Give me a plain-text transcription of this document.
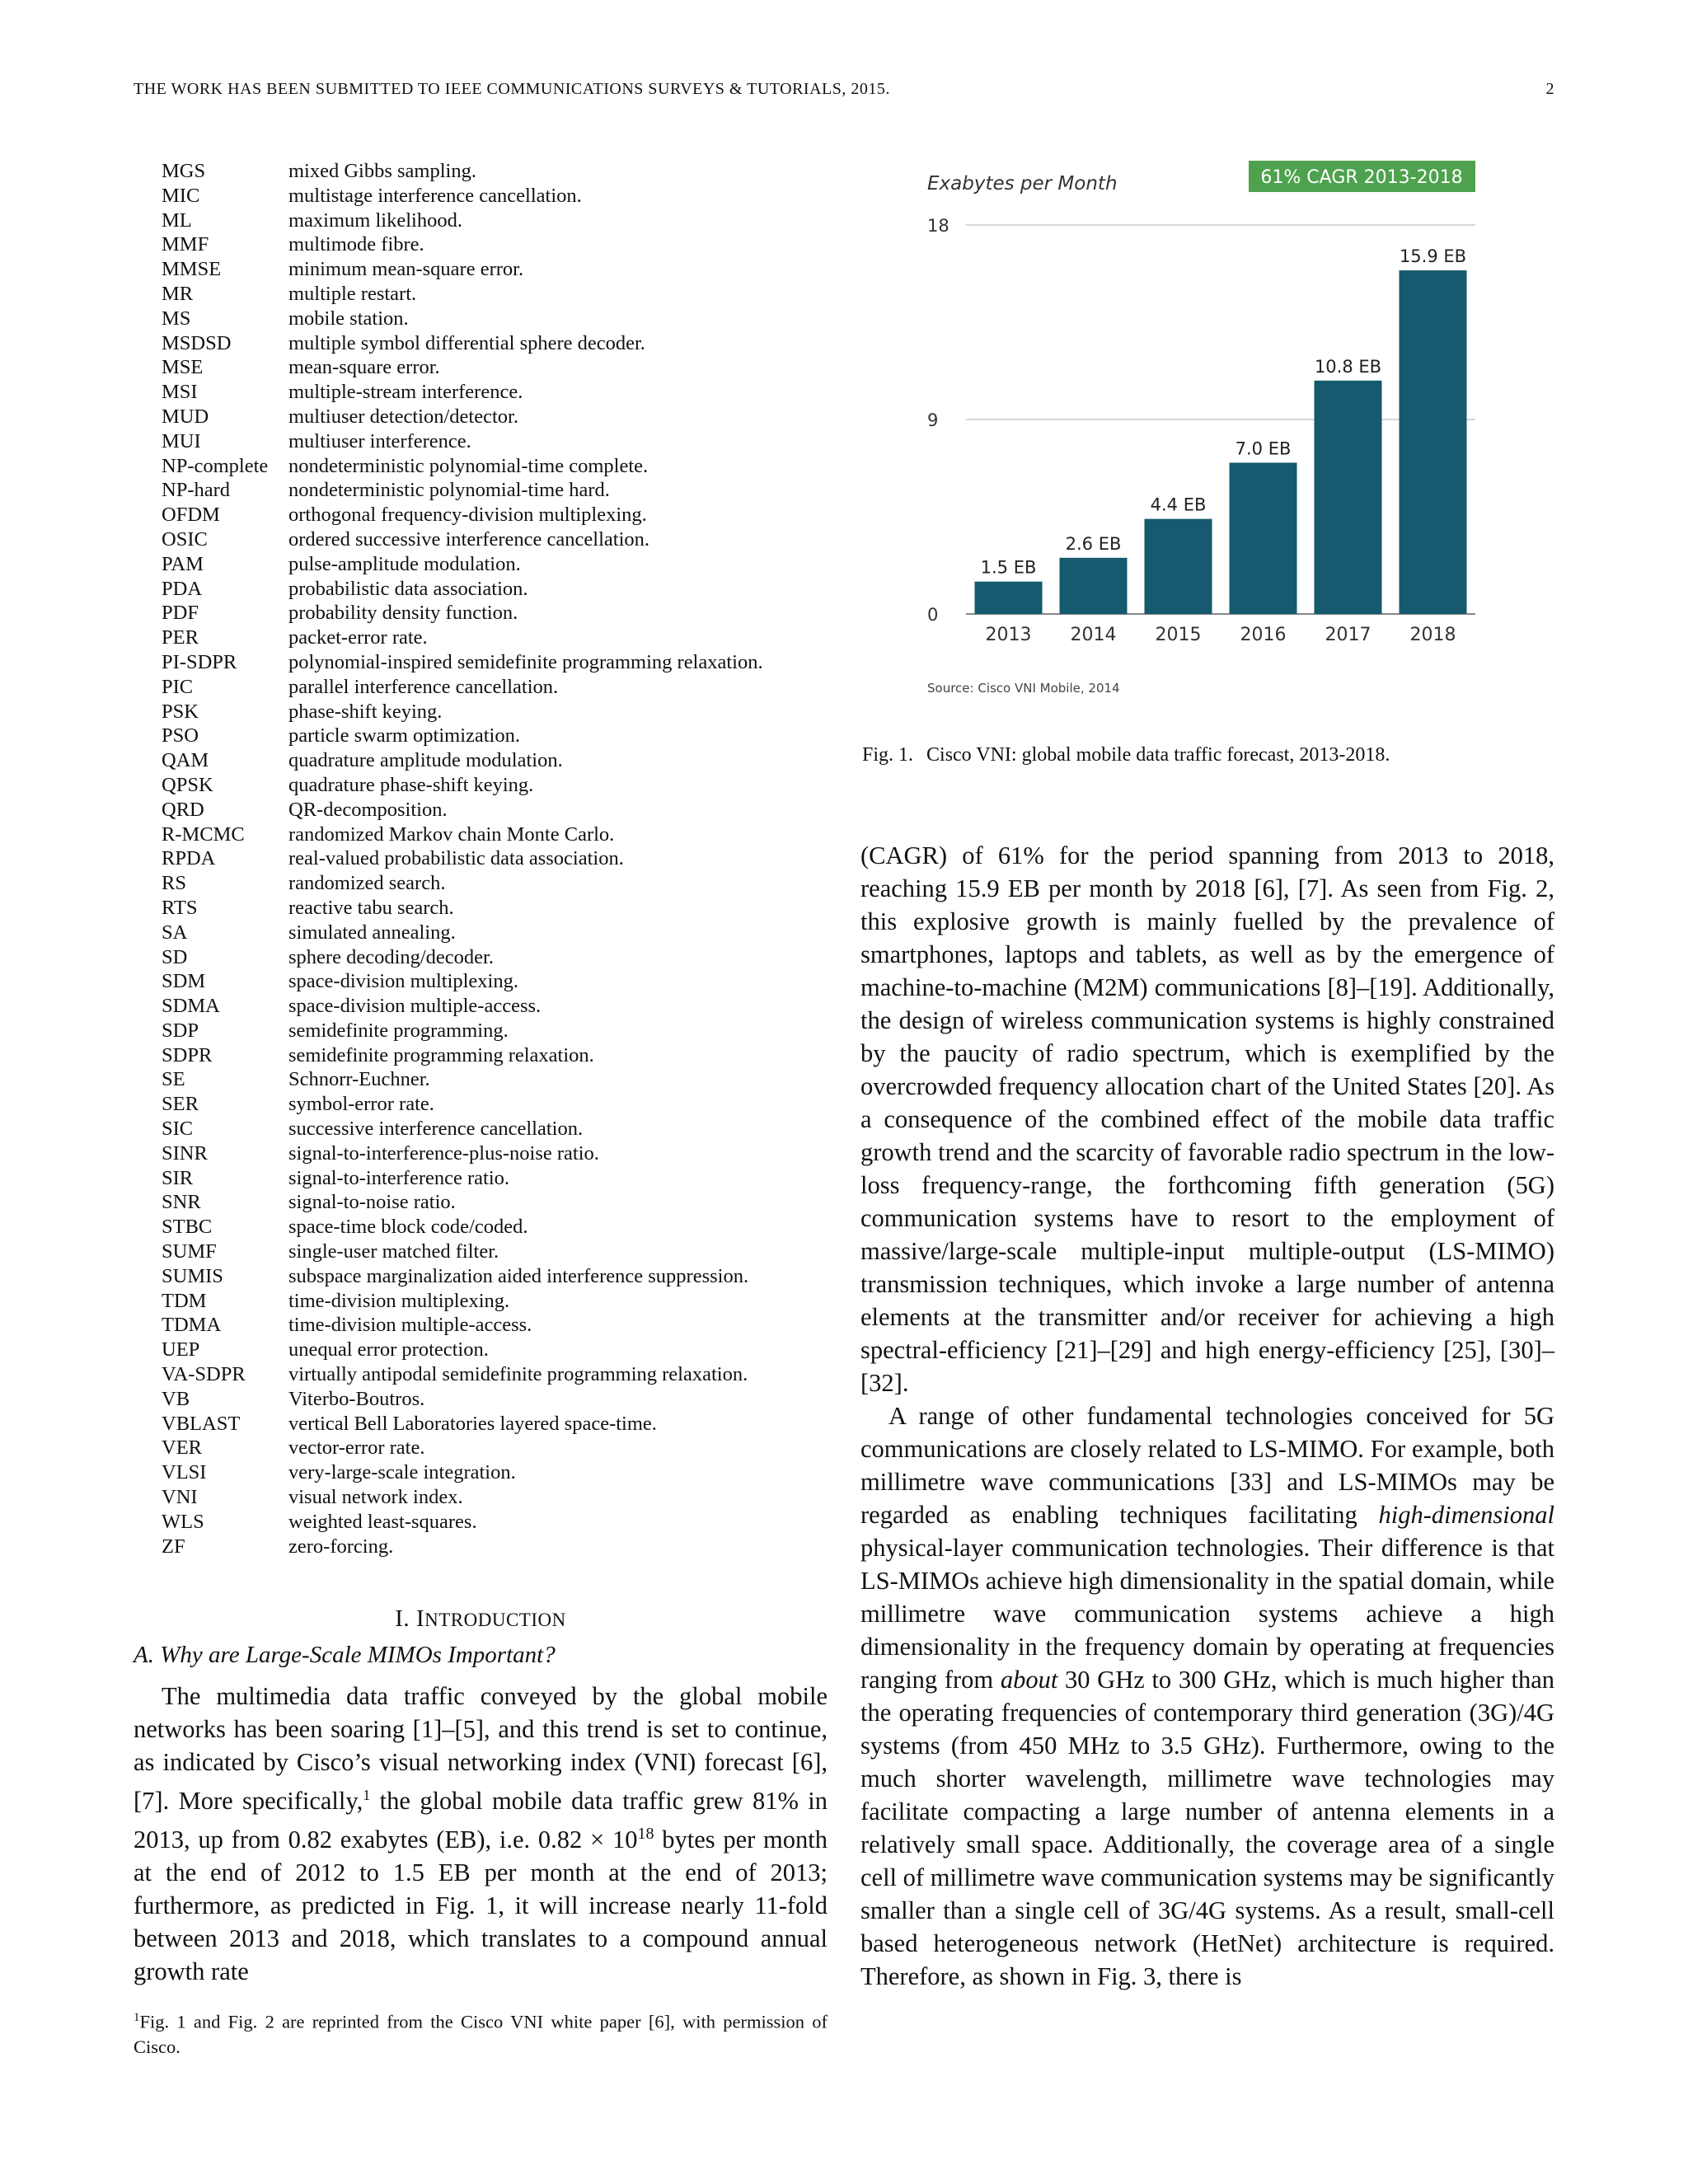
THE WORK HAS BEEN SUBMITTED TO IEEE COMMUNICATIONS SURVEYS & TUTORIALS, 2015.	2
MGS	mixed Gibbs sampling.
MIC	multistage interference cancellation.
ML	maximum likelihood.
MMF	multimode fibre.
MMSE	minimum mean-square error.
MR	multiple restart.
MS	mobile station.
MSDSD	multiple symbol differential sphere decoder.
MSE	mean-square error.
MSI	multiple-stream interference.
MUD	multiuser detection/detector.
MUI	multiuser interference.
NP-complete	nondeterministic polynomial-time complete.
NP-hard	nondeterministic polynomial-time hard.
OFDM	orthogonal frequency-division multiplexing.
OSIC	ordered successive interference cancellation.
PAM	pulse-amplitude modulation.
PDA	probabilistic data association.
PDF	probability density function.
PER	packet-error rate.
PI-SDPR	polynomial-inspired semidefinite programming relaxation.
PIC	parallel interference cancellation.
PSK	phase-shift keying.
PSO	particle swarm optimization.
QAM	quadrature amplitude modulation.
QPSK	quadrature phase-shift keying.
QRD	QR-decomposition.
R-MCMC	randomized Markov chain Monte Carlo.
RPDA	real-valued probabilistic data association.
RS	randomized search.
RTS	reactive tabu search.
SA	simulated annealing.
SD	sphere decoding/decoder.
SDM	space-division multiplexing.
SDMA	space-division multiple-access.
SDP	semidefinite programming.
SDPR	semidefinite programming relaxation.
SE	Schnorr-Euchner.
SER	symbol-error rate.
SIC	successive interference cancellation.
SINR	signal-to-interference-plus-noise ratio.
SIR	signal-to-interference ratio.
SNR	signal-to-noise ratio.
STBC	space-time block code/coded.
SUMF	single-user matched filter.
SUMIS	subspace marginalization aided interference suppression.
TDM	time-division multiplexing.
TDMA	time-division multiple-access.
UEP	unequal error protection.
VA-SDPR	virtually antipodal semidefinite programming relaxation.
VB	Viterbo-Boutros.
VBLAST	vertical Bell Laboratories layered space-time.
VER	vector-error rate.
VLSI	very-large-scale integration.
VNI	visual network index.
WLS	weighted least-squares.
ZF	zero-forcing.
I. INTRODUCTION
A. Why are Large-Scale MIMOs Important?

The multimedia data traffic conveyed by the global mobile networks has been soaring [1]–[5], and this trend is set to continue, as indicated by Cisco’s visual networking index (VNI) forecast [6], [7]. More specifically,$^1$ the global mobile data traffic grew 81% in 2013, up from 0.82 exabytes (EB), i.e. $0.82 \times 10^{18}$ bytes per month at the end of 2012 to 1.5 EB per month at the end of 2013; furthermore, as predicted in Fig. 1, it will increase nearly 11-fold between 2013 and 2018, which translates to a compound annual growth rate

$^1$Fig. 1 and Fig. 2 are reprinted from the Cisco VNI white paper [6], with permission of Cisco.
Exabytes per Month	61% CAGR 2013-2018
0
9
18
1.5 EB
2013
2.6 EB
2014
4.4 EB
2015
7.0 EB
2016
10.8 EB
2017
15.9 EB
2018
Source: Cisco VNI Mobile, 2014
Fig. 1. Cisco VNI: global mobile data traffic forecast, 2013-2018.

(CAGR) of 61% for the period spanning from 2013 to 2018, reaching 15.9 EB per month by 2018 [6], [7]. As seen from Fig. 2, this explosive growth is mainly fuelled by the prevalence of smartphones, laptops and tablets, as well as by the emergence of machine-to-machine (M2M) communications [8]–[19]. Additionally, the design of wireless communication systems is highly constrained by the paucity of radio spectrum, which is exemplified by the overcrowded frequency allocation chart of the United States [20]. As a consequence of the combined effect of the mobile data traffic growth trend and the scarcity of favorable radio spectrum in the low-loss frequency-range, the forthcoming fifth generation (5G) communication systems have to resort to the employment of massive/large-scale multiple-input multiple-output (LS-MIMO) transmission techniques, which invoke a large number of antenna elements at the transmitter and/or receiver for achieving a high spectral-efficiency [21]–[29] and high energy-efficiency [25], [30]–[32].

A range of other fundamental technologies conceived for 5G communications are closely related to LS-MIMO. For example, both millimetre wave communications [33] and LS-MIMOs may be regarded as enabling techniques facilitating high-dimensional physical-layer communication technologies. Their difference is that LS-MIMOs achieve high dimensionality in the spatial domain, while millimetre wave communication systems achieve a high dimensionality in the frequency domain by operating at frequencies ranging from about 30 GHz to 300 GHz, which is much higher than the operating frequencies of contemporary third generation (3G)/4G systems (from 450 MHz to 3.5 GHz). Furthermore, owing to the much shorter wavelength, millimetre wave technologies may facilitate compacting a large number of antenna elements in a relatively small space. Additionally, the coverage area of a single cell of millimetre wave communication systems may be significantly smaller than a single cell of 3G/4G systems. As a result, small-cell based heterogeneous network (HetNet) architecture is required. Therefore, as shown in Fig. 3, there is
